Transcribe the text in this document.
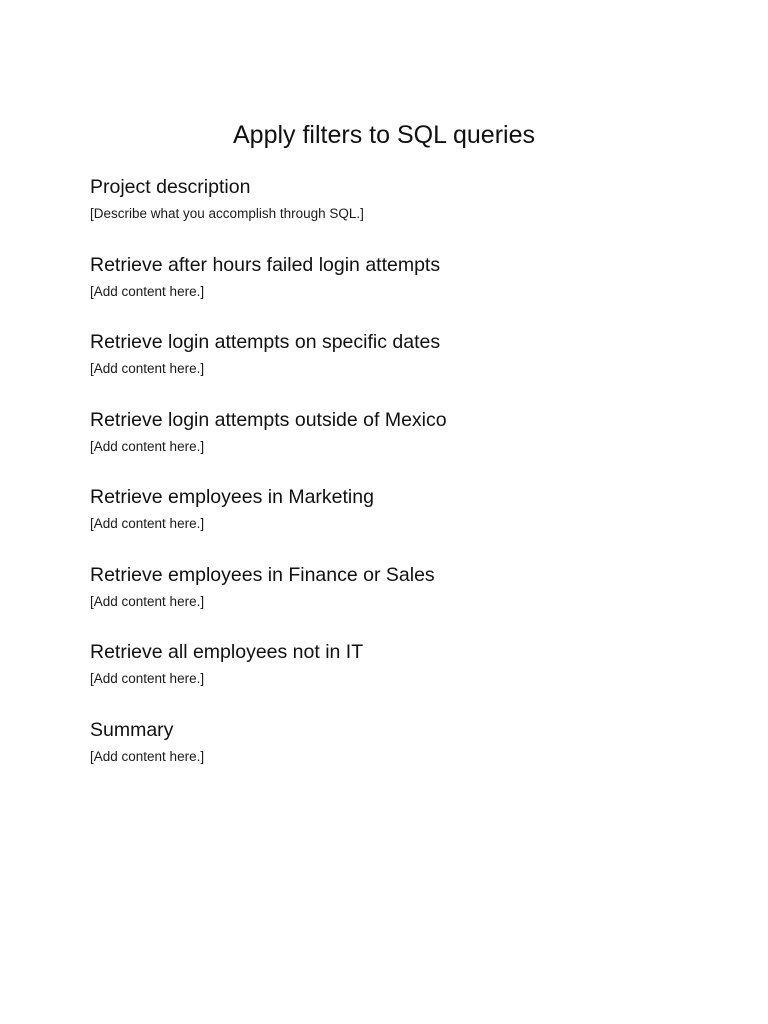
Apply filters to SQL queries
Project description

[Describe what you accomplish through SQL.]

Retrieve after hours failed login attempts

[Add content here.]

Retrieve login attempts on specific dates

[Add content here.]

Retrieve login attempts outside of Mexico

[Add content here.]

Retrieve employees in Marketing

[Add content here.]

Retrieve employees in Finance or Sales

[Add content here.]

Retrieve all employees not in IT

[Add content here.]

Summary

[Add content here.]
